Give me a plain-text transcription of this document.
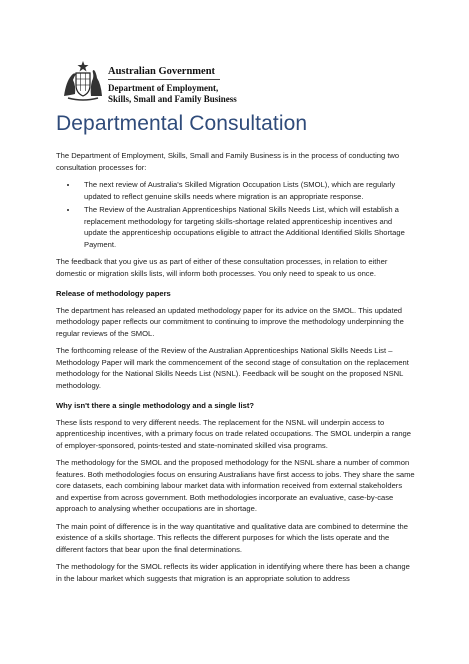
Australian Government
Department of Employment,
Skills, Small and Family Business
Departmental Consultation

The Department of Employment, Skills, Small and Family Business is in the process of conducting two consultation processes for:

• The next review of Australia's Skilled Migration Occupation Lists (SMOL), which are regularly updated to reflect genuine skills needs where migration is an appropriate response.
• The Review of the Australian Apprenticeships National Skills Needs List, which will establish a replacement methodology for targeting skills-shortage related apprenticeship incentives and update the apprenticeship occupations eligible to attract the Additional Identified Skills Shortage Payment.

The feedback that you give us as part of either of these consultation processes, in relation to either domestic or migration skills lists, will inform both processes. You only need to speak to us once.

Release of methodology papers

The department has released an updated methodology paper for its advice on the SMOL. This updated methodology paper reflects our commitment to continuing to improve the methodology underpinning the regular reviews of the SMOL.

The forthcoming release of the Review of the Australian Apprenticeships National Skills Needs List – Methodology Paper will mark the commencement of the second stage of consultation on the replacement methodology for the National Skills Needs List (NSNL). Feedback will be sought on the proposed NSNL methodology.

Why isn't there a single methodology and a single list?

These lists respond to very different needs. The replacement for the NSNL will underpin access to apprenticeship incentives, with a primary focus on trade related occupations. The SMOL underpin a range of employer-sponsored, points-tested and state-nominated skilled visa programs.

The methodology for the SMOL and the proposed methodology for the NSNL share a number of common features. Both methodologies focus on ensuring Australians have first access to jobs. They share the same core datasets, each combining labour market data with information received from external stakeholders and expertise from across government. Both methodologies incorporate an evaluative, case-by-case approach to analysing whether occupations are in shortage.

The main point of difference is in the way quantitative and qualitative data are combined to determine the existence of a skills shortage. This reflects the different purposes for which the lists operate and the different factors that bear upon the final determinations.

The methodology for the SMOL reflects its wider application in identifying where there has been a change in the labour market which suggests that migration is an appropriate solution to address
